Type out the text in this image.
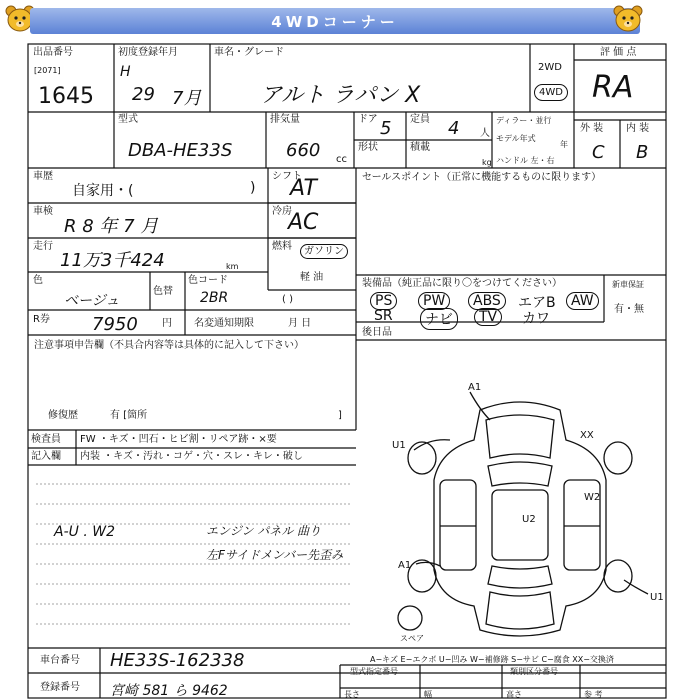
4WDコーナー
出品番号
[2071]
1645
初度登録年月
H
29 7月
車名・グレード
アルト ラパン X
2WD
4WD
評 価 点
RA
型式
DBA-HE33S
排気量
660 cc
ドア 5 定員 4 人
形状	積載
kg
ディラー・並行
モデル年式
年
ハンドル 左・右
外 装 内 装
C B
車歴
自家用・(	)
車検
R 8 年 7 月
走行
11万3千424	km
色
ベージュ
色替
色コード
2BR
シフト
AT
冷房
AC
燃料	ガソリン
軽 油
( )
R券 7950 円 名変通知期限	月 日
セールスポイント（正常に機能するものに限ります）
装備品（純正品に限り〇をつけてください）
PS	PW	ABS	エアB	AW
SR	ナビ	TV	カワ
新車保証
有・無
後日品
注意事項申告欄（不具合内容等は具体的に記入して下さい）
修復歴	有 [箇所	]
検査員 FW ・キズ・凹石・ヒビ割・リペア跡・×要
記入欄 内装 ・キズ・汚れ・コゲ・穴・スレ・キレ・破し
A-U . W2	エンジン パネル 曲り
左Fサイドメンバー先歪み
A1
U1
XX
W2
U2
A1
U1
スペア
A−キズ E−エクボ U−凹み W−補修跡 S−サビ C−腐食 XX−交換済
車台番号 HE33S-162338
登録番号 宮崎 581 ら 9462
型式指定番号	類別区分番号
長さ	幅	高さ	参 考
